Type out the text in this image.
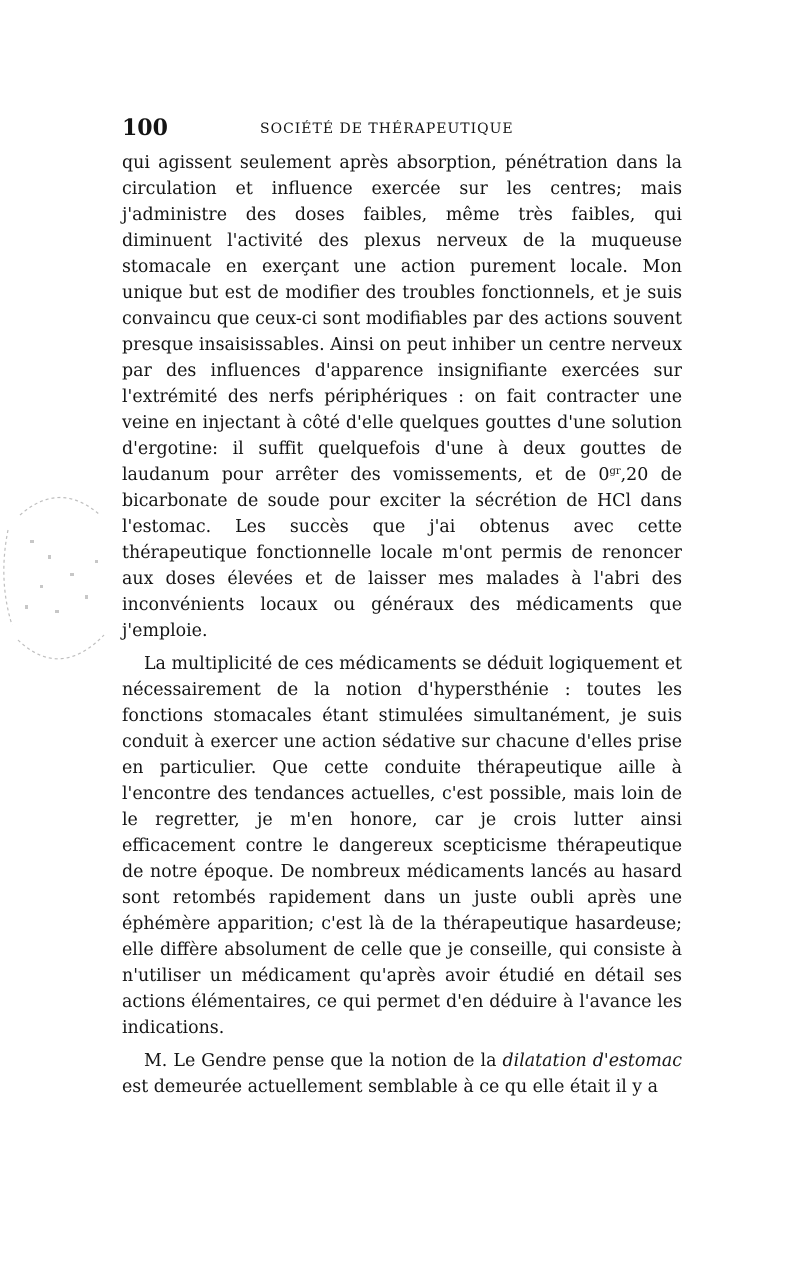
100	SOCIÉTÉ DE THÉRAPEUTIQUE

qui agissent seulement après absorption, pénétration dans la circulation et influence exercée sur les centres; mais j'administre des doses faibles, même très faibles, qui diminuent l'activité des plexus nerveux de la muqueuse stomacale en exerçant une action purement locale. Mon unique but est de modifier des troubles fonctionnels, et je suis convaincu que ceux-ci sont modifiables par des actions souvent presque insaisissables. Ainsi on peut inhiber un centre nerveux par des influences d'apparence insignifiante exercées sur l'extrémité des nerfs périphériques : on fait contracter une veine en injectant à côté d'elle quelques gouttes d'une solution d'ergotine: il suffit quelquefois d'une à deux gouttes de laudanum pour arrêter des vomissements, et de $0^{gr},20$ de bicarbonate de soude pour exciter la sécrétion de HCl dans l'estomac. Les succès que j'ai obtenus avec cette thérapeutique fonctionnelle locale m'ont permis de renoncer aux doses élevées et de laisser mes malades à l'abri des inconvénients locaux ou généraux des médicaments que j'emploie.

La multiplicité de ces médicaments se déduit logiquement et nécessairement de la notion d'hypersthénie : toutes les fonctions stomacales étant stimulées simultanément, je suis conduit à exercer une action sédative sur chacune d'elles prise en particulier. Que cette conduite thérapeutique aille à l'encontre des tendances actuelles, c'est possible, mais loin de le regretter, je m'en honore, car je crois lutter ainsi efficacement contre le dangereux scepticisme thérapeutique de notre époque. De nombreux médicaments lancés au hasard sont retombés rapidement dans un juste oubli après une éphémère apparition; c'est là de la thérapeutique hasardeuse; elle diffère absolument de celle que je conseille, qui consiste à n'utiliser un médicament qu'après avoir étudié en détail ses actions élémentaires, ce qui permet d'en déduire à l'avance les indications.

M. Le Gendre pense que la notion de la dilatation d'estomac est demeurée actuellement semblable à ce qu elle était il y a
